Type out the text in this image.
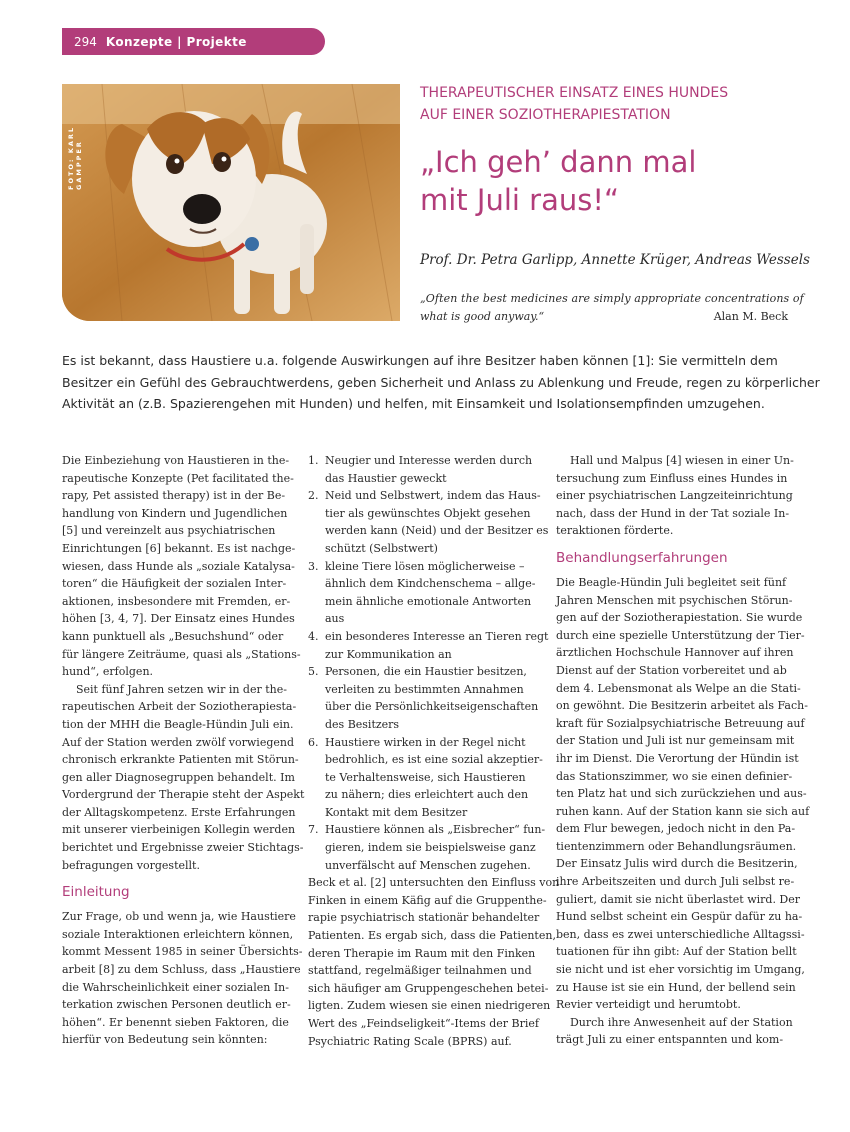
294 Konzepte | Projekte
FOTO: KARL GAMPPER
THERAPEUTISCHER EINSATZ EINES HUNDES
AUF EINER SOZIOTHERAPIESTATION
„Ich geh’ dann mal
mit Juli raus!“
Prof. Dr. Petra Garlipp, Annette Krüger, Andreas Wessels
„Often the best medicines are simply appropriate concentrations of
what is good anyway.“	Alan M. Beck
Es ist bekannt, dass Haustiere u.a. folgende Auswirkungen auf ihre Besitzer haben können [1]: Sie vermitteln dem
Besitzer ein Gefühl des Gebrauchtwerdens, geben Sicherheit und Anlass zu Ablenkung und Freude, regen zu körperlicher
Aktivität an (z.B. Spazierengehen mit Hunden) und helfen, mit Einsamkeit und Isolationsempfinden umzugehen.
Die Einbeziehung von Haustieren in the-
rapeutische Konzepte (Pet facilitated the-
rapy, Pet assisted therapy) ist in der Be-
handlung von Kindern und Jugendlichen
[5] und vereinzelt aus psychiatrischen
Einrichtungen [6] bekannt. Es ist nachge-
wiesen, dass Hunde als „soziale Katalysa-
toren“ die Häufigkeit der sozialen Inter-
aktionen, insbesondere mit Fremden, er-
höhen [3, 4, 7]. Der Einsatz eines Hundes
kann punktuell als „Besuchshund“ oder
für längere Zeiträume, quasi als „Stations-
hund“, erfolgen.
Seit fünf Jahren setzen wir in der the-
rapeutischen Arbeit der Soziotherapiesta-
tion der MHH die Beagle-Hündin Juli ein.
Auf der Station werden zwölf vorwiegend
chronisch erkrankte Patienten mit Störun-
gen aller Diagnosegruppen behandelt. Im
Vordergrund der Therapie steht der Aspekt
der Alltagskompetenz. Erste Erfahrungen
mit unserer vierbeinigen Kollegin werden
berichtet und Ergebnisse zweier Stichtags-
befragungen vorgestellt.
Einleitung
Zur Frage, ob und wenn ja, wie Haustiere
soziale Interaktionen erleichtern können,
kommt Messent 1985 in seiner Übersichts-
arbeit [8] zu dem Schluss, dass „Haustiere
die Wahrscheinlichkeit einer sozialen In-
terkation zwischen Personen deutlich er-
höhen“. Er benennt sieben Faktoren, die
hierfür von Bedeutung sein könnten:
1. Neugier und Interesse werden durch
das Haustier geweckt
2. Neid und Selbstwert, indem das Haus-
tier als gewünschtes Objekt gesehen
werden kann (Neid) und der Besitzer es
schützt (Selbstwert)
3. kleine Tiere lösen möglicherweise –
ähnlich dem Kindchenschema – allge-
mein ähnliche emotionale Antworten
aus
4. ein besonderes Interesse an Tieren regt
zur Kommunikation an
5. Personen, die ein Haustier besitzen,
verleiten zu bestimmten Annahmen
über die Persönlichkeitseigenschaften
des Besitzers
6. Haustiere wirken in der Regel nicht
bedrohlich, es ist eine sozial akzeptier-
te Verhaltensweise, sich Haustieren
zu nähern; dies erleichtert auch den
Kontakt mit dem Besitzer
7. Haustiere können als „Eisbrecher“ fun-
gieren, indem sie beispielsweise ganz
unverfälscht auf Menschen zugehen.
Beck et al. [2] untersuchten den Einfluss von
Finken in einem Käfig auf die Gruppenthe-
rapie psychiatrisch stationär behandelter
Patienten. Es ergab sich, dass die Patienten,
deren Therapie im Raum mit den Finken
stattfand, regelmäßiger teilnahmen und
sich häufiger am Gruppengeschehen betei-
ligten. Zudem wiesen sie einen niedrigeren
Wert des „Feindseligkeit“-Items der Brief
Psychiatric Rating Scale (BPRS) auf.
Hall und Malpus [4] wiesen in einer Un-
tersuchung zum Einfluss eines Hundes in
einer psychiatrischen Langzeiteinrichtung
nach, dass der Hund in der Tat soziale In-
teraktionen förderte.
Behandlungserfahrungen
Die Beagle-Hündin Juli begleitet seit fünf
Jahren Menschen mit psychischen Störun-
gen auf der Soziotherapiestation. Sie wurde
durch eine spezielle Unterstützung der Tier-
ärztlichen Hochschule Hannover auf ihren
Dienst auf der Station vorbereitet und ab
dem 4. Lebensmonat als Welpe an die Stati-
on gewöhnt. Die Besitzerin arbeitet als Fach-
kraft für Sozialpsychiatrische Betreuung auf
der Station und Juli ist nur gemeinsam mit
ihr im Dienst. Die Verortung der Hündin ist
das Stationszimmer, wo sie einen definier-
ten Platz hat und sich zurückziehen und aus-
ruhen kann. Auf der Station kann sie sich auf
dem Flur bewegen, jedoch nicht in den Pa-
tientenzimmern oder Behandlungsräumen.
Der Einsatz Julis wird durch die Besitzerin,
ihre Arbeitszeiten und durch Juli selbst re-
guliert, damit sie nicht überlastet wird. Der
Hund selbst scheint ein Gespür dafür zu ha-
ben, dass es zwei unterschiedliche Alltagssi-
tuationen für ihn gibt: Auf der Station bellt
sie nicht und ist eher vorsichtig im Umgang,
zu Hause ist sie ein Hund, der bellend sein
Revier verteidigt und herumtobt.
Durch ihre Anwesenheit auf der Station
trägt Juli zu einer entspannten und kom-
